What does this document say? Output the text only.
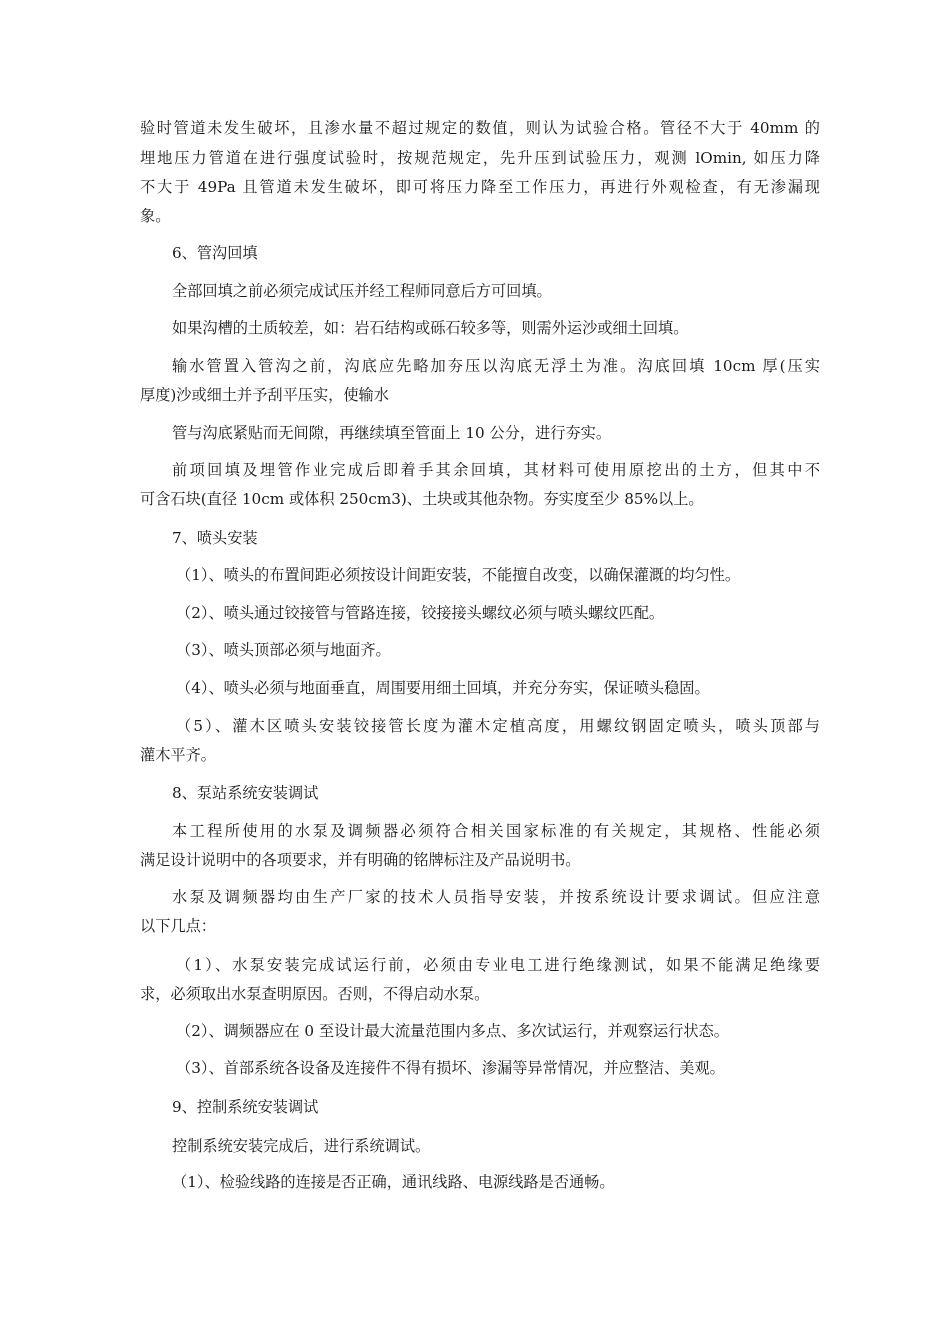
验时管道未发生破坏，且渗水量不超过规定的数值，则认为试验合格。管径不大于 40mm 的
埋地压力管道在进行强度试验时，按规范规定，先升压到试验压力，观测 lOmin, 如压力降
不大于 49Pa 且管道未发生破坏，即可将压力降至工作压力，再进行外观检查，有无渗漏现
象。
6、管沟回填
全部回填之前必须完成试压并经工程师同意后方可回填。
如果沟槽的土质较差，如：岩石结构或砾石较多等，则需外运沙或细土回填。
输水管置入管沟之前，沟底应先略加夯压以沟底无浮土为准。沟底回填 10cm 厚(压实
厚度)沙或细土并予刮平压实，使输水
管与沟底紧贴而无间隙，再继续填至管面上 10 公分，进行夯实。
前项回填及埋管作业完成后即着手其余回填，其材料可使用原挖出的土方，但其中不
可含石块(直径 10cm 或体积 250cm3)、土块或其他杂物。夯实度至少 85%以上。
7、喷头安装
（1）、喷头的布置间距必须按设计间距安装，不能擅自改变，以确保灌溉的均匀性。
（2）、喷头通过铰接管与管路连接，铰接接头螺纹必须与喷头螺纹匹配。
（3）、喷头顶部必须与地面齐。
（4）、喷头必须与地面垂直，周围要用细土回填，并充分夯实，保证喷头稳固。
（5）、灌木区喷头安装铰接管长度为灌木定植高度，用螺纹钢固定喷头，喷头顶部与
灌木平齐。
8、泵站系统安装调试
本工程所使用的水泵及调频器必须符合相关国家标准的有关规定，其规格、性能必须
满足设计说明中的各项要求，并有明确的铭牌标注及产品说明书。
水泵及调频器均由生产厂家的技术人员指导安装，并按系统设计要求调试。但应注意
以下几点：
（1）、水泵安装完成试运行前，必须由专业电工进行绝缘测试，如果不能满足绝缘要
求，必须取出水泵查明原因。否则，不得启动水泵。
（2）、调频器应在 0 至设计最大流量范围内多点、多次试运行，并观察运行状态。
（3）、首部系统各设备及连接件不得有损坏、渗漏等异常情况，并应整洁、美观。
9、控制系统安装调试
控制系统安装完成后，进行系统调试。
（1）、检验线路的连接是否正确，通讯线路、电源线路是否通畅。
